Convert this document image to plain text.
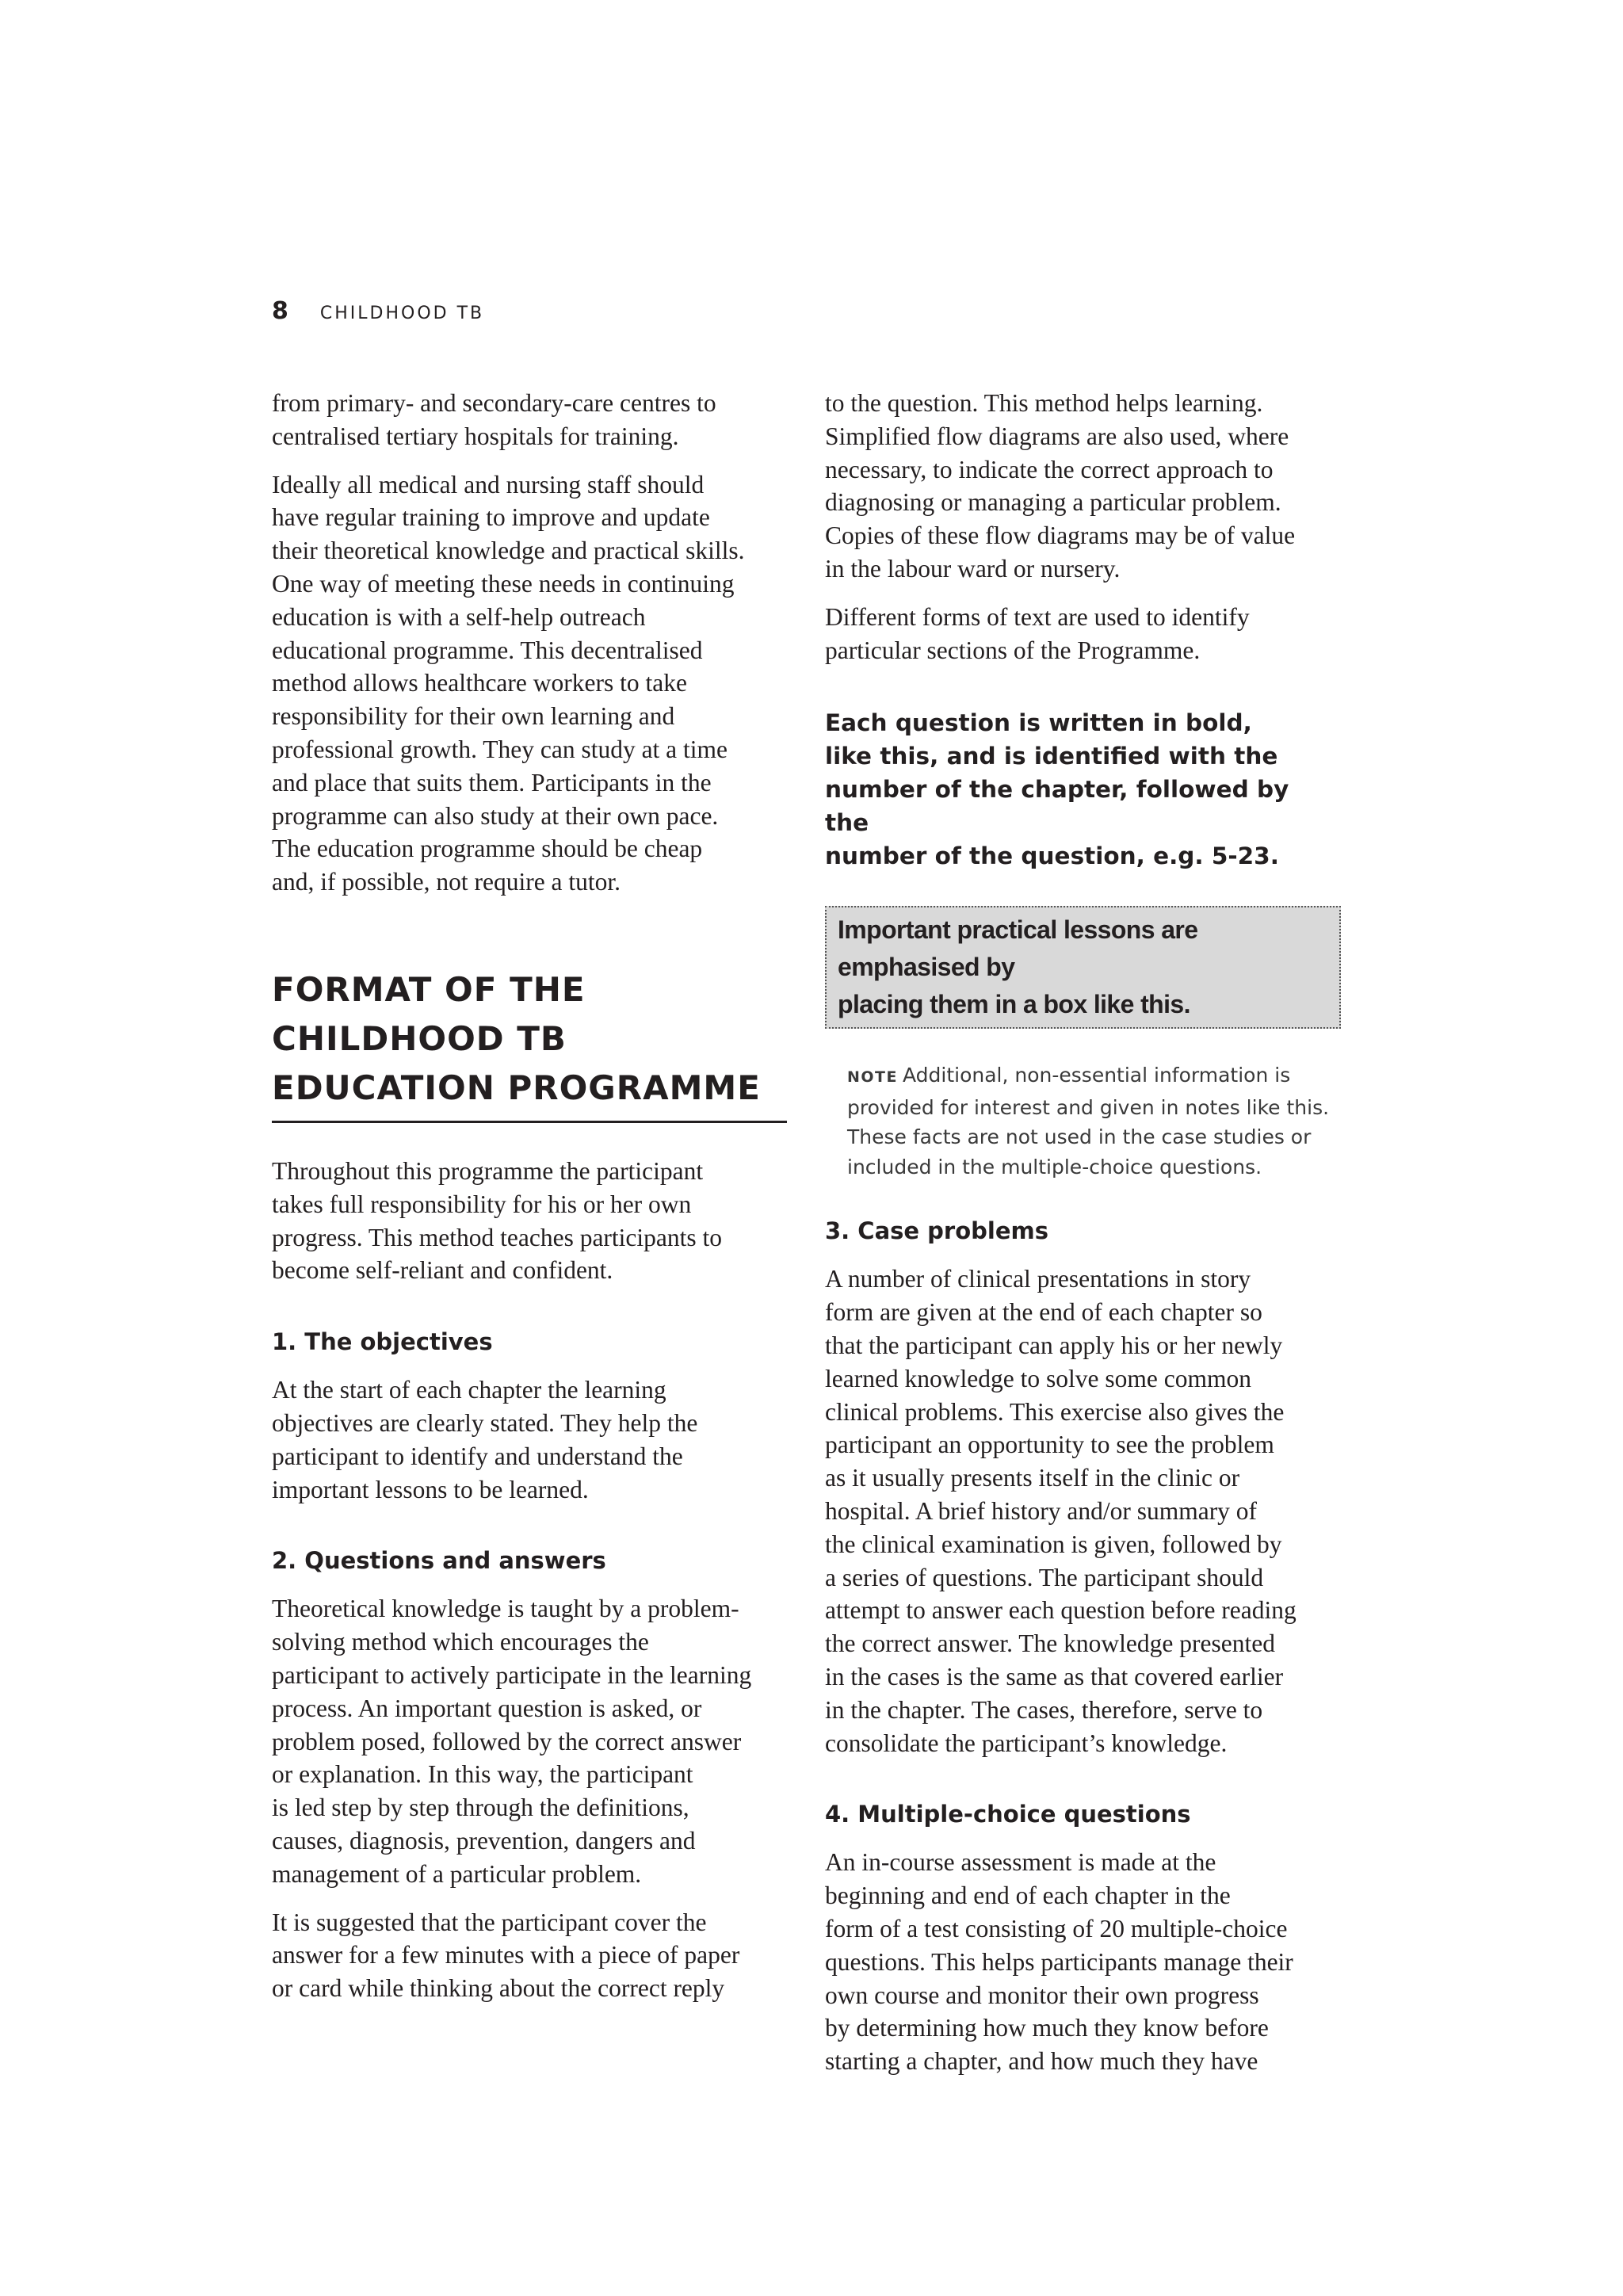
8 CHILDHOOD TB

from primary- and secondary-care centres to
centralised tertiary hospitals for training.

Ideally all medical and nursing staff should
have regular training to improve and update
their theoretical knowledge and practical skills.
One way of meeting these needs in continuing
education is with a self-help outreach
educational programme. This decentralised
method allows healthcare workers to take
responsibility for their own learning and
professional growth. They can study at a time
and place that suits them. Participants in the
programme can also study at their own pace.
The education programme should be cheap
and, if possible, not require a tutor.

FORMAT OF THE
CHILDHOOD TB
EDUCATION PROGRAMME

Throughout this programme the participant
takes full responsibility for his or her own
progress. This method teaches participants to
become self-reliant and confident.

1. The objectives

At the start of each chapter the learning
objectives are clearly stated. They help the
participant to identify and understand the
important lessons to be learned.

2. Questions and answers

Theoretical knowledge is taught by a problem-
solving method which encourages the
participant to actively participate in the learning
process. An important question is asked, or
problem posed, followed by the correct answer
or explanation. In this way, the participant
is led step by step through the definitions,
causes, diagnosis, prevention, dangers and
management of a particular problem.

It is suggested that the participant cover the
answer for a few minutes with a piece of paper
or card while thinking about the correct reply

to the question. This method helps learning.
Simplified flow diagrams are also used, where
necessary, to indicate the correct approach to
diagnosing or managing a particular problem.
Copies of these flow diagrams may be of value
in the labour ward or nursery.

Different forms of text are used to identify
particular sections of the Programme.

Each question is written in bold,
like this, and is identified with the
number of the chapter, followed by the
number of the question, e.g. 5-23.

Important practical lessons are emphasised by
placing them in a box like this.

NOTE Additional, non-essential information is
provided for interest and given in notes like this.
These facts are not used in the case studies or
included in the multiple-choice questions.

3. Case problems

A number of clinical presentations in story
form are given at the end of each chapter so
that the participant can apply his or her newly
learned knowledge to solve some common
clinical problems. This exercise also gives the
participant an opportunity to see the problem
as it usually presents itself in the clinic or
hospital. A brief history and/or summary of
the clinical examination is given, followed by
a series of questions. The participant should
attempt to answer each question before reading
the correct answer. The knowledge presented
in the cases is the same as that covered earlier
in the chapter. The cases, therefore, serve to
consolidate the participant’s knowledge.

4. Multiple-choice questions

An in-course assessment is made at the
beginning and end of each chapter in the
form of a test consisting of 20 multiple-choice
questions. This helps participants manage their
own course and monitor their own progress
by determining how much they know before
starting a chapter, and how much they have
